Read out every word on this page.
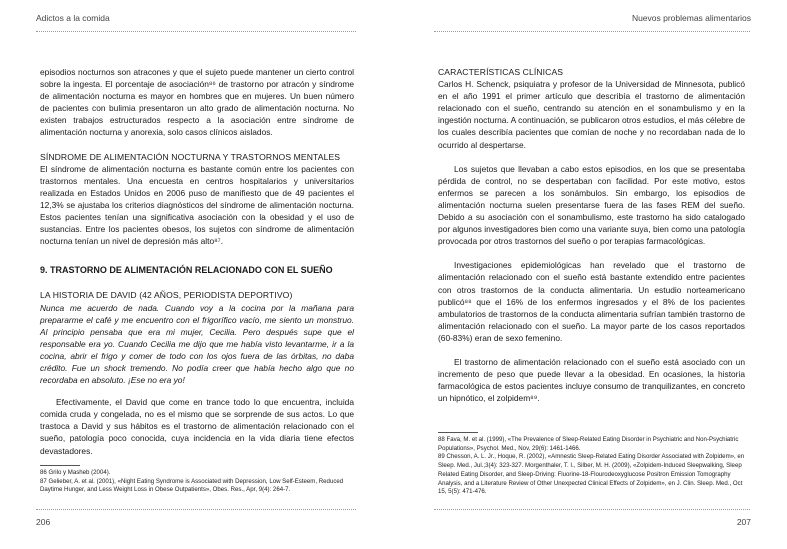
Adictos a la comida

episodios nocturnos son atracones y que el sujeto puede mantener un cierto control sobre la ingesta. El porcentaje de asociación⁸⁶ de trastorno por atracón y síndrome de alimentación nocturna es mayor en hombres que en mujeres. Un buen número de pacientes con bulimia presentaron un alto grado de alimentación nocturna. No existen trabajos estructurados respecto a la asociación entre síndrome de alimentación nocturna y anorexia, solo casos clínicos aislados.

SÍNDROME DE ALIMENTACIÓN NOCTURNA Y TRASTORNOS MENTALES

El síndrome de alimentación nocturna es bastante común entre los pacientes con trastornos mentales. Una encuesta en centros hospitalarios y universitarios realizada en Estados Unidos en 2006 puso de manifiesto que de 49 pacientes el 12,3% se ajustaba los criterios diagnósticos del síndrome de alimentación nocturna. Estos pacientes tenían una significativa asociación con la obesidad y el uso de sustancias. Entre los pacientes obesos, los sujetos con síndrome de alimentación nocturna tenían un nivel de depresión más alto⁸⁷.

9. TRASTORNO DE ALIMENTACIÓN RELACIONADO CON EL SUEÑO

LA HISTORIA DE DAVID (42 AÑOS, PERIODISTA DEPORTIVO)

Nunca me acuerdo de nada. Cuando voy a la cocina por la mañana para prepararme el café y me encuentro con el frigorífico vacío, me siento un monstruo. Al principio pensaba que era mi mujer, Cecilia. Pero después supe que el responsable era yo. Cuando Cecilia me dijo que me había visto levantarme, ir a la cocina, abrir el frigo y comer de todo con los ojos fuera de las órbitas, no daba crédito. Fue un shock tremendo. No podía creer que había hecho algo que no recordaba en absoluto. ¡Ese no era yo!

Efectivamente, el David que come en trance todo lo que encuentra, incluida comida cruda y congelada, no es el mismo que se sorprende de sus actos. Lo que trastoca a David y sus hábitos es el trastorno de alimentación relacionado con el sueño, patología poco conocida, cuya incidencia en la vida diaria tiene efectos devastadores.

86 Grilo y Masheb (2004).

87 Gelieber, A. et al. (2001), «Night Eating Syndrome is Associated with Depression, Low Self-Esteem, Reduced Daytime Hunger, and Less Weight Loss in Obese Outpatients», Obes. Res., Apr, 9(4): 264-7.

206
Nuevos problemas alimentarios

CARACTERÍSTICAS CLÍNICAS

Carlos H. Schenck, psiquiatra y profesor de la Universidad de Minnesota, publicó en el año 1991 el primer artículo que describía el trastorno de alimentación relacionado con el sueño, centrando su atención en el sonambulismo y en la ingestión nocturna. A continuación, se publicaron otros estudios, el más célebre de los cuales describía pacientes que comían de noche y no recordaban nada de lo ocurrido al despertarse.

Los sujetos que llevaban a cabo estos episodios, en los que se presentaba pérdida de control, no se despertaban con facilidad. Por este motivo, estos enfermos se parecen a los sonámbulos. Sin embargo, los episodios de alimentación nocturna suelen presentarse fuera de las fases REM del sueño. Debido a su asociación con el sonambulismo, este trastorno ha sido catalogado por algunos investigadores bien como una variante suya, bien como una patología provocada por otros trastornos del sueño o por terapias farmacológicas.

Investigaciones epidemiológicas han revelado que el trastorno de alimentación relacionado con el sueño está bastante extendido entre pacientes con otros trastornos de la conducta alimentaria. Un estudio norteamericano publicó⁸⁸ que el 16% de los enfermos ingresados y el 8% de los pacientes ambulatorios de trastornos de la conducta alimentaria sufrían también trastorno de alimentación relacionado con el sueño. La mayor parte de los casos reportados (60-83%) eran de sexo femenino.

El trastorno de alimentación relacionado con el sueño está asociado con un incremento de peso que puede llevar a la obesidad. En ocasiones, la historia farmacológica de estos pacientes incluye consumo de tranquilizantes, en concreto un hipnótico, el zolpidem⁸⁹.

88 Fava, M. et al. (1999), «The Prevalence of Sleep-Related Eating Disorder in Psychiatric and Non-Psychiatric Populations», Psychol. Med., Nov, 29(6): 1461-1466.

89 Chesson, A. L. Jr., Hoque, R. (2002), «Amnestic Sleep-Related Eating Disorder Associated with Zolpidem», en Sleep. Med., Jul.;3(4): 323-327. Morgenthaler, T. I., Silber, M. H. (2009), «Zolpidem-Induced Sleepwalking, Sleep Related Eating Disorder, and Sleep-Driving: Fluorine-18-Flourodeoxyglucose Positron Emission Tomography Analysis, and a Literature Review of Other Unexpected Clinical Effects of Zolpidem», en J. Clin. Sleep. Med., Oct 15, 5(5): 471-476.

207
